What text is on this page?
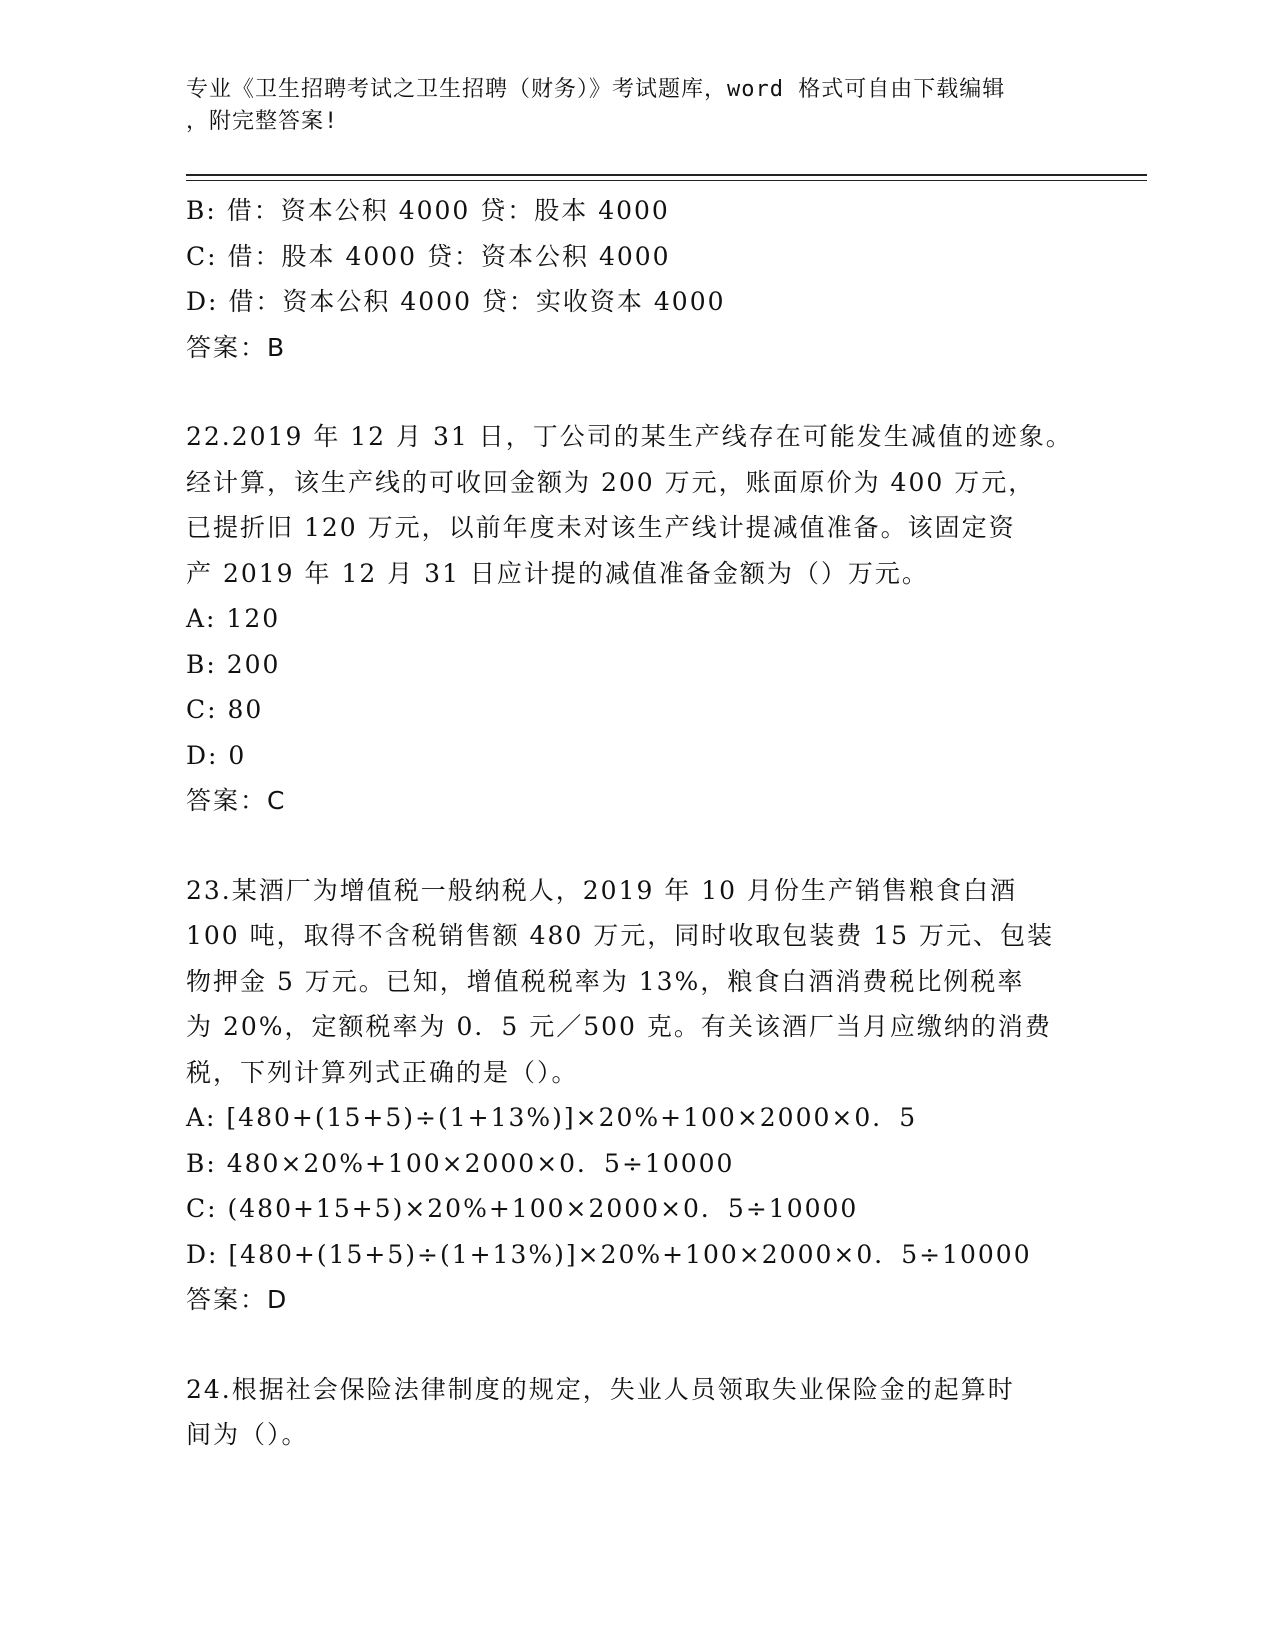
专业《卫生招聘考试之卫生招聘（财务）》考试题库，word 格式可自由下载编辑
，附完整答案!
B: 借：资本公积 4000 贷：股本 4000
C: 借：股本 4000 贷：资本公积 4000
D: 借：资本公积 4000 贷：实收资本 4000
答案：B
22.2019 年 12 月 31 日，丁公司的某生产线存在可能发生减值的迹象。
经计算，该生产线的可收回金额为 200 万元，账面原价为 400 万元，
已提折旧 120 万元，以前年度未对该生产线计提减值准备。该固定资
产 2019 年 12 月 31 日应计提的减值准备金额为（）万元。
A: 120
B: 200
C: 80
D: 0
答案：C
23.某酒厂为增值税一般纳税人，2019 年 10 月份生产销售粮食白酒
100 吨，取得不含税销售额 480 万元，同时收取包装费 15 万元、包装
物押金 5 万元。已知，增值税税率为 13%，粮食白酒消费税比例税率
为 20%，定额税率为 0．5 元／500 克。有关该酒厂当月应缴纳的消费
税，下列计算列式正确的是（）。
A: [480+(15+5)÷(1+13%)]×20%+100×2000×0．5
B: 480×20%+100×2000×0．5÷10000
C: (480+15+5)×20%+100×2000×0．5÷10000
D: [480+(15+5)÷(1+13%)]×20%+100×2000×0．5÷10000
答案：D
24.根据社会保险法律制度的规定，失业人员领取失业保险金的起算时
间为（）。
